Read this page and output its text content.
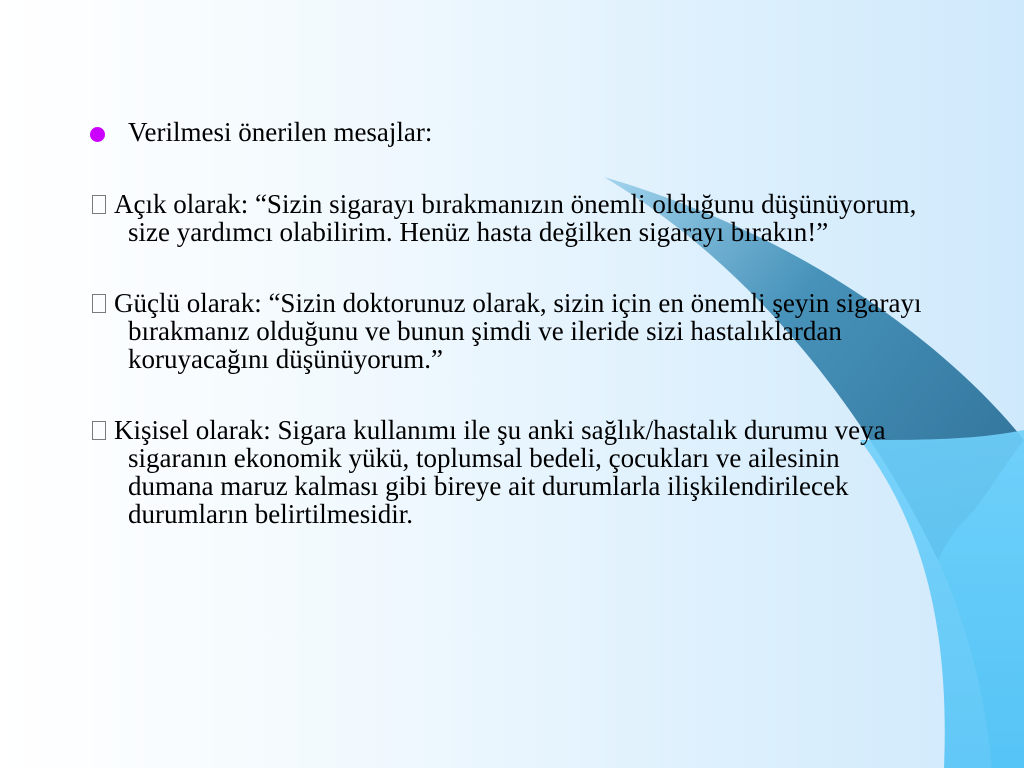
Verilmesi önerilen mesajlar:

Açık olarak: “Sizin sigarayı bırakmanızın önemli olduğunu düşünüyorum, size yardımcı olabilirim. Henüz hasta değilken sigarayı bırakın!”

Güçlü olarak: “Sizin doktorunuz olarak, sizin için en önemli şeyin sigarayı bırakmanız olduğunu ve bunun şimdi ve ileride sizi hastalıklardan koruyacağını düşünüyorum.”

Kişisel olarak: Sigara kullanımı ile şu anki sağlık/hastalık durumu veya sigaranın ekonomik yükü, toplumsal bedeli, çocukları ve ailesinin dumana maruz kalması gibi bireye ait durumlarla ilişkilendirilecek durumların belirtilmesidir.
